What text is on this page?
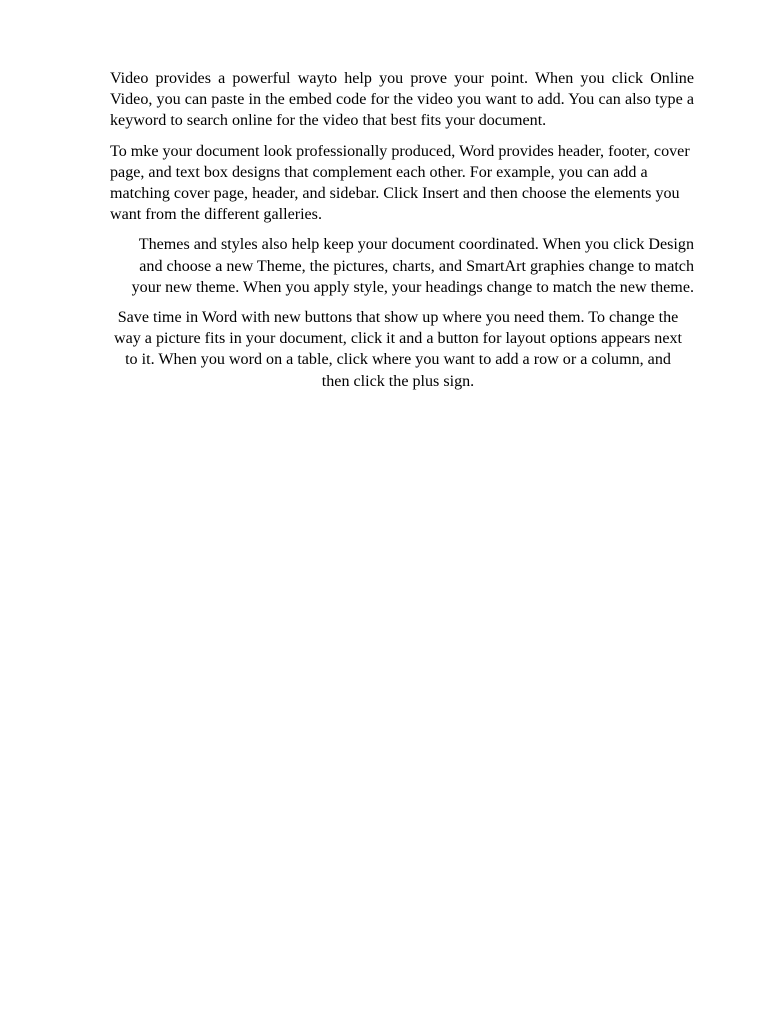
Video provides a powerful wayto help you prove your point. When you click Online Video, you can paste in the embed code for the video you want to add. You can also type a keyword to search online for the video that best fits your document.

To mke your document look professionally produced, Word provides header, footer, cover page, and text box designs that complement each other. For example, you can add a matching cover page, header, and sidebar. Click Insert and then choose the elements you want from the different galleries.

Themes and styles also help keep your document coordinated. When you click Design and choose a new Theme, the pictures, charts, and SmartArt graphies change to match your new theme. When you apply style, your headings change to match the new theme.

Save time in Word with new buttons that show up where you need them. To change the way a picture fits in your document, click it and a button for layout options appears next to it. When you word on a table, click where you want to add a row or a column, and then click the plus sign.
